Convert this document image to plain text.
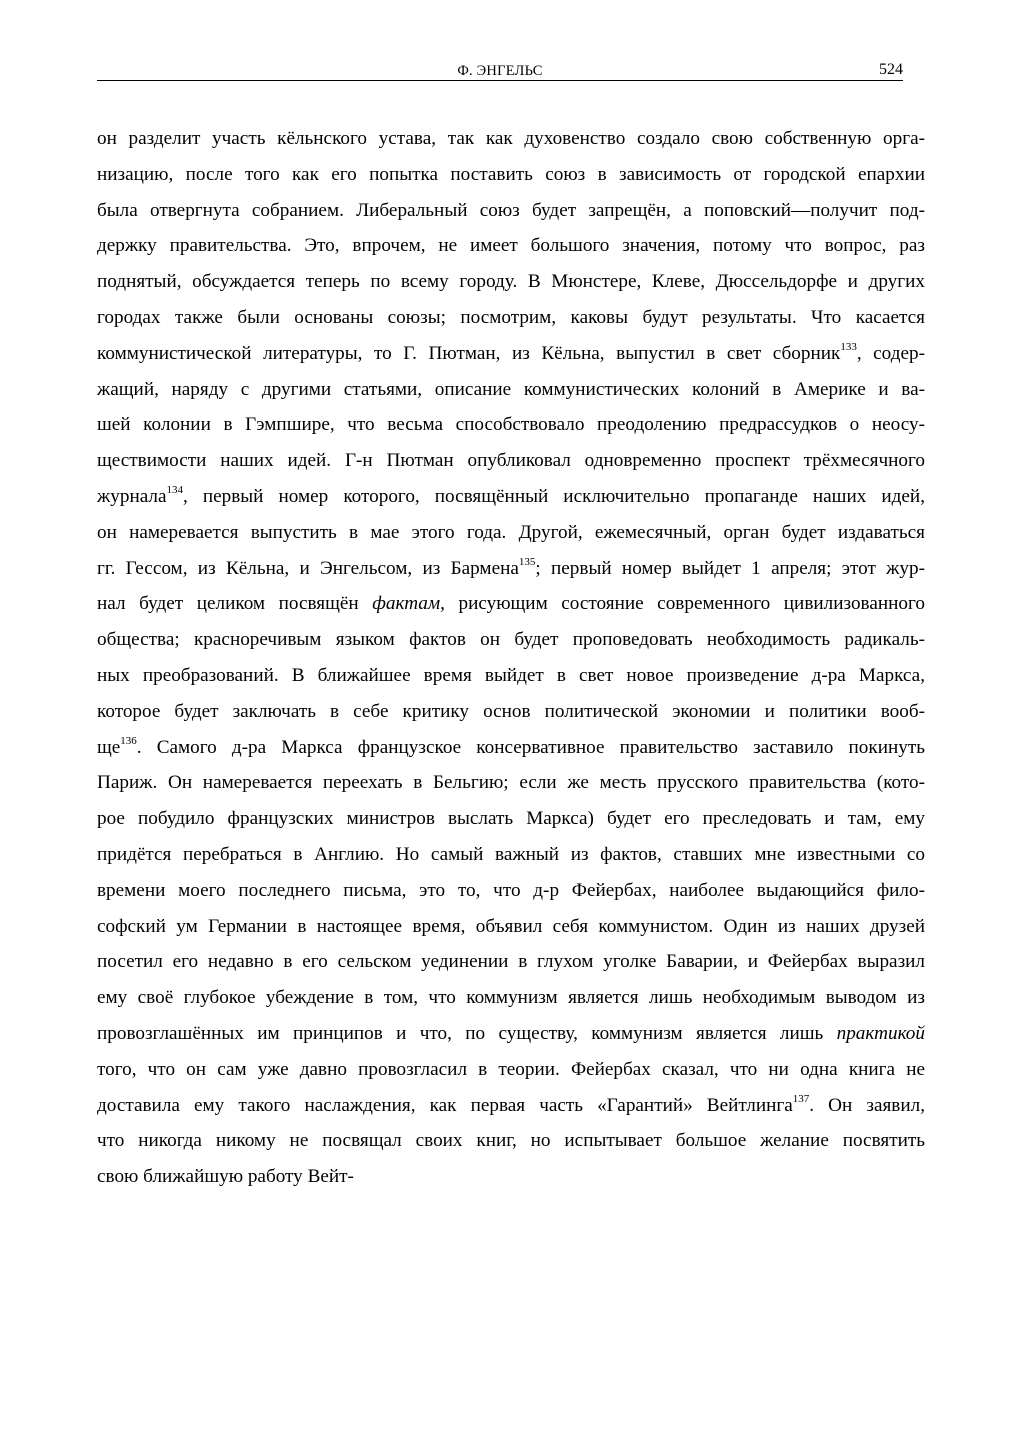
Ф. ЭНГЕЛЬС	524
он разделит участь кёльнского устава, так как духовенство создало свою собственную орга-
низацию, после того как его попытка поставить союз в зависимость от городской епархии
была отвергнута собранием. Либеральный союз будет запрещён, а поповский—получит под-
держку правительства. Это, впрочем, не имеет большого значения, потому что вопрос, раз
поднятый, обсуждается теперь по всему городу. В Мюнстере, Клеве, Дюссельдорфе и других
городах также были основаны союзы; посмотрим, каковы будут результаты. Что касается
коммунистической литературы, то Г. Пютман, из Кёльна, выпустил в свет сборник$^{133}$, содер-
жащий, наряду с другими статьями, описание коммунистических колоний в Америке и ва-
шей колонии в Гэмпшире, что весьма способствовало преодолению предрассудков о неосу-
ществимости наших идей. Г-н Пютман опубликовал одновременно проспект трёхмесячного
журнала$^{134}$, первый номер которого, посвящённый исключительно пропаганде наших идей,
он намеревается выпустить в мае этого года. Другой, ежемесячный, орган будет издаваться
гг. Гессом, из Кёльна, и Энгельсом, из Бармена$^{135}$; первый номер выйдет 1 апреля; этот жур-
нал будет целиком посвящён фактам, рисующим состояние современного цивилизованного
общества; красноречивым языком фактов он будет проповедовать необходимость радикаль-
ных преобразований. В ближайшее время выйдет в свет новое произведение д-ра Маркса,
которое будет заключать в себе критику основ политической экономии и политики вооб-
ще$^{136}$. Самого д-ра Маркса французское консервативное правительство заставило покинуть
Париж. Он намеревается переехать в Бельгию; если же месть прусского правительства (кото-
рое побудило французских министров выслать Маркса) будет его преследовать и там, ему
придётся перебраться в Англию. Но самый важный из фактов, ставших мне известными со
времени моего последнего письма, это то, что д-р Фейербах, наиболее выдающийся фило-
софский ум Германии в настоящее время, объявил себя коммунистом. Один из наших друзей
посетил его недавно в его сельском уединении в глухом уголке Баварии, и Фейербах выразил
ему своё глубокое убеждение в том, что коммунизм является лишь необходимым выводом из
провозглашённых им принципов и что, по существу, коммунизм является лишь практикой
того, что он сам уже давно провозгласил в теории. Фейербах сказал, что ни одна книга не
доставила ему такого наслаждения, как первая часть «Гарантий» Вейтлинга$^{137}$. Он заявил,
что никогда никому не посвящал своих книг, но испытывает большое желание посвятить
свою ближайшую работу Вейт-
